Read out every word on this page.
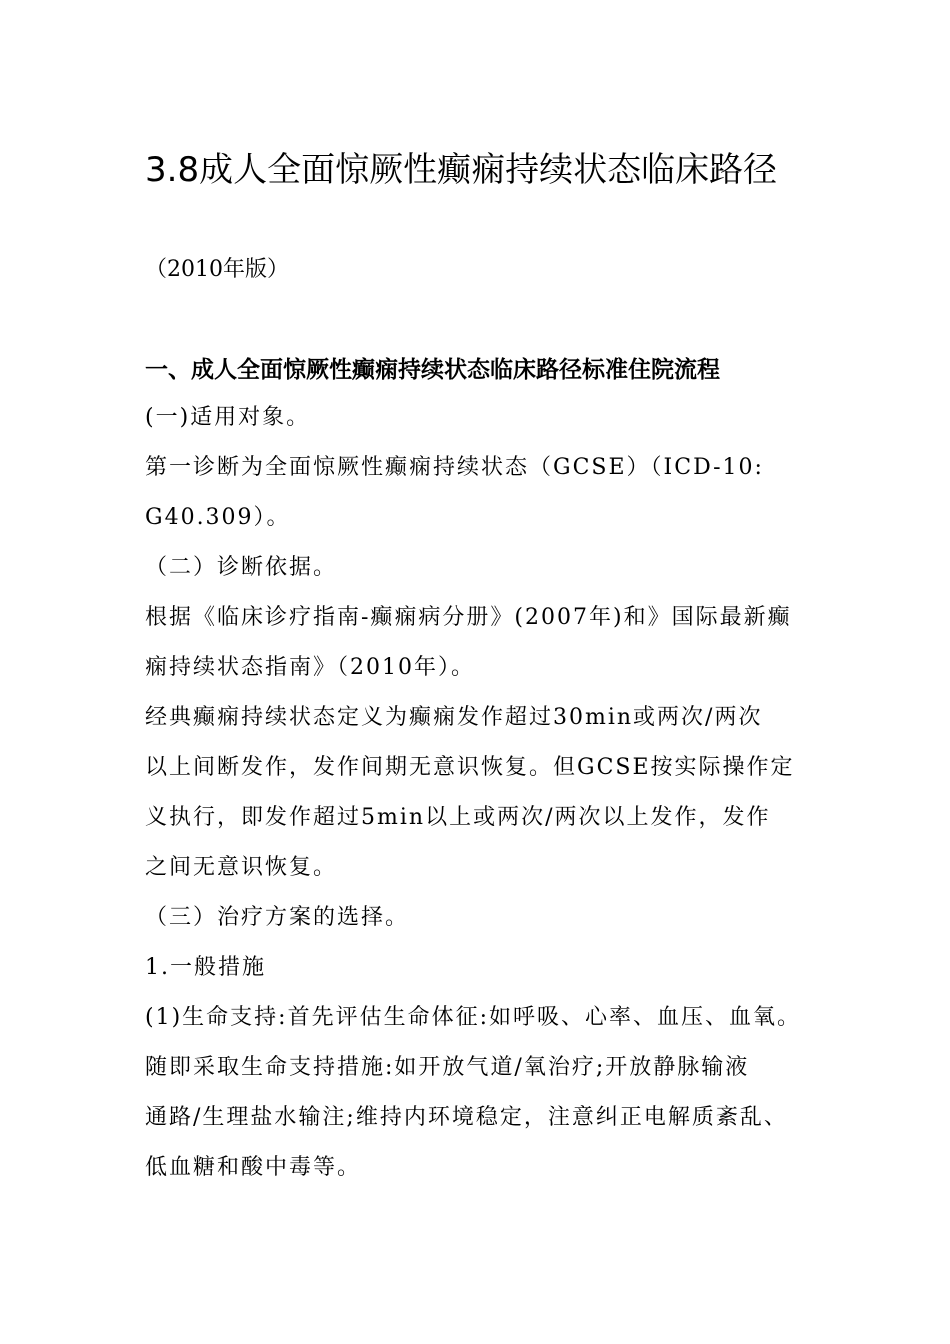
3.8成人全面惊厥性癫痫持续状态临床路径
（2010年版）
一、成人全面惊厥性癫痫持续状态临床路径标准住院流程
(一)适用对象。
第一诊断为全面惊厥性癫痫持续状态（GCSE）（ICD-10:
G40.309）。
（二）诊断依据。
根据《临床诊疗指南-癫痫病分册》(2007年)和》国际最新癫
痫持续状态指南》（2010年）。
经典癫痫持续状态定义为癫痫发作超过30min或两次/两次
以上间断发作，发作间期无意识恢复。但GCSE按实际操作定
义执行，即发作超过5min以上或两次/两次以上发作，发作
之间无意识恢复。
（三）治疗方案的选择。
1.一般措施
(1)生命支持:首先评估生命体征:如呼吸、心率、血压、血氧。
随即采取生命支持措施:如开放气道/氧治疗;开放静脉输液
通路/生理盐水输注;维持内环境稳定，注意纠正电解质紊乱、
低血糖和酸中毒等。
